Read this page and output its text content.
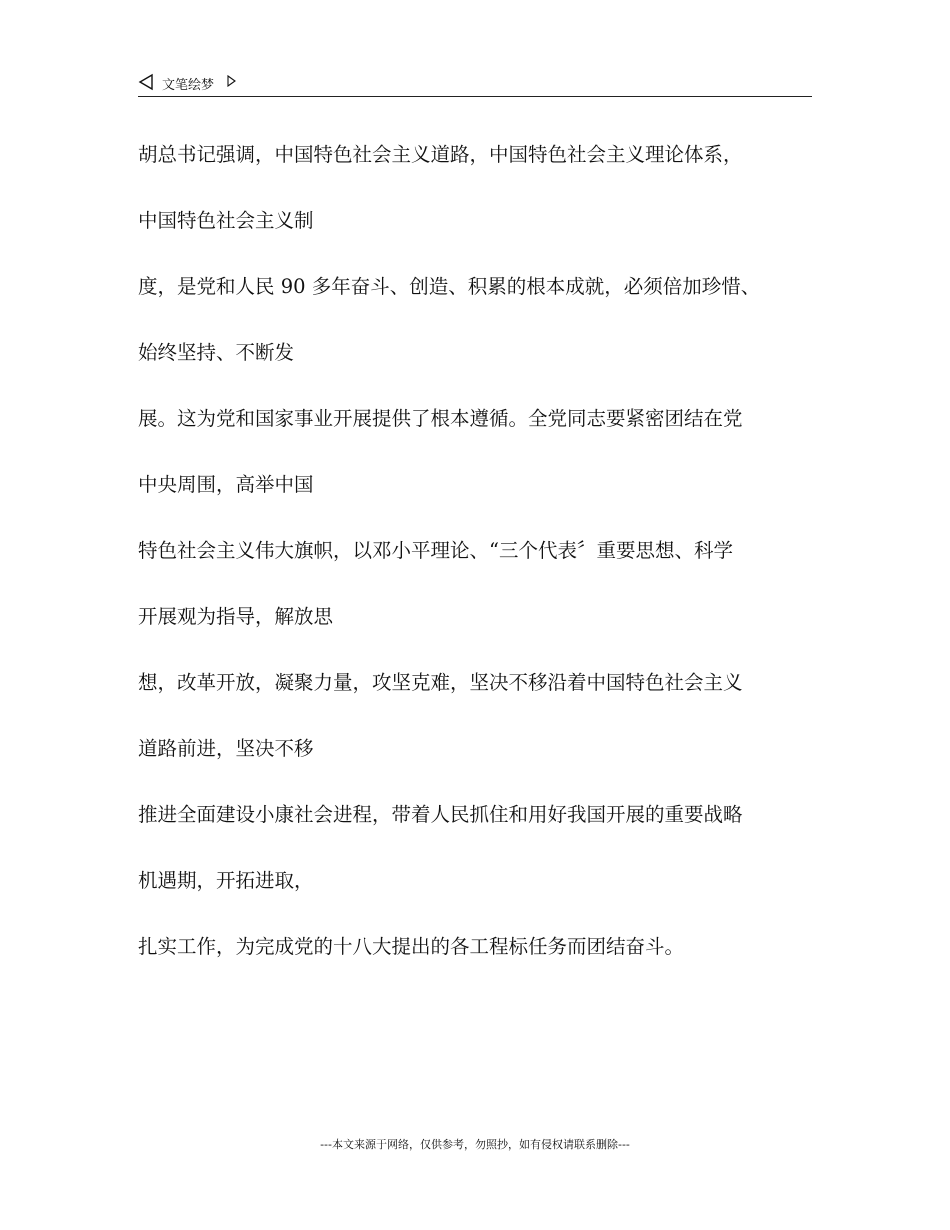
文笔绘梦
胡总书记强调，中国特色社会主义道路，中国特色社会主义理论体系，
中国特色社会主义制
度，是党和人民 90 多年奋斗、创造、积累的根本成就，必须倍加珍惜、
始终坚持、不断发
展。这为党和国家事业开展提供了根本遵循。全党同志要紧密团结在党
中央周围，高举中国
特色社会主义伟大旗帜，以邓小平理论、“三个代表〞重要思想、科学
开展观为指导，解放思
想，改革开放，凝聚力量，攻坚克难，坚决不移沿着中国特色社会主义
道路前进，坚决不移
推进全面建设小康社会进程，带着人民抓住和用好我国开展的重要战略
机遇期，开拓进取，
扎实工作，为完成党的十八大提出的各工程标任务而团结奋斗。
---本文来源于网络，仅供参考，勿照抄，如有侵权请联系删除---
